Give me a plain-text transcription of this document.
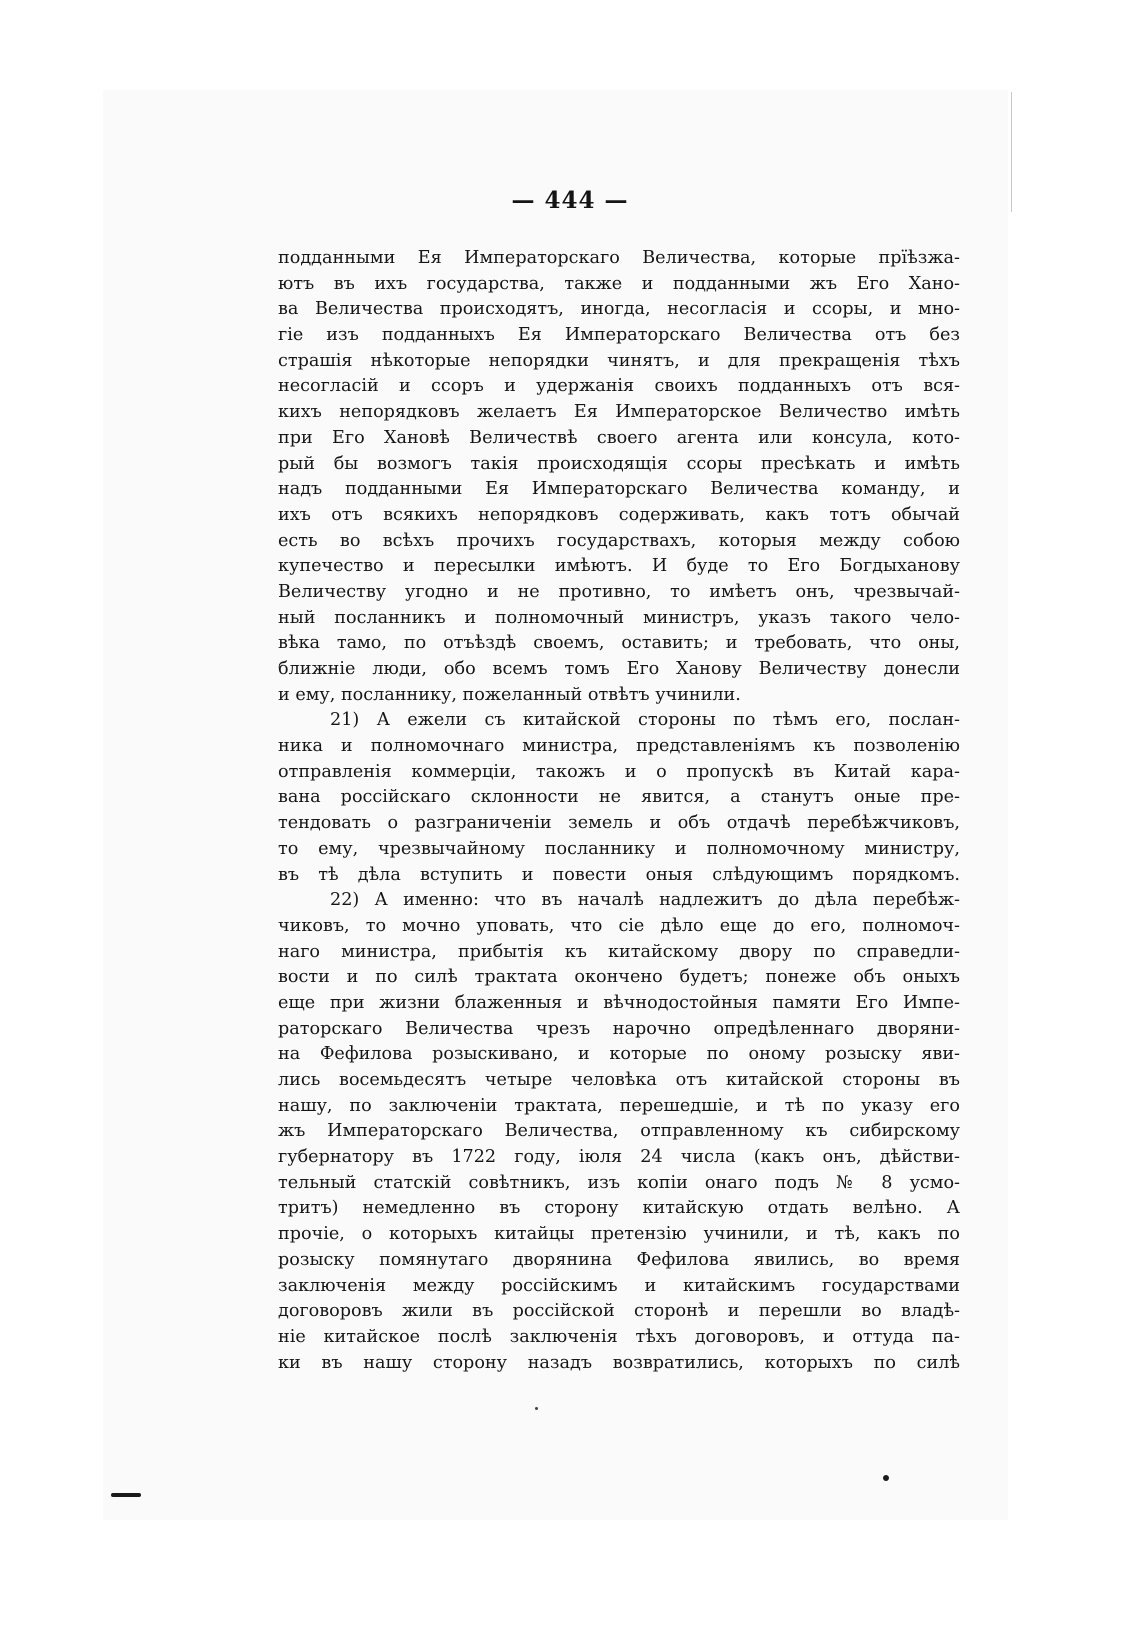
— 444 —
подданными Ея Императорскаго Величества, которые прїѣзжа-
ютъ въ ихъ государства, также и подданными жъ Его Хано-
ва Величества происходятъ, иногда, несогласія и ссоры, и мно-
гіе изъ подданныхъ Ея Императорскаго Величества отъ без
страшія нѣкоторые непорядки чинятъ, и для прекращенія тѣхъ
несогласій и ссоръ и удержанія своихъ подданныхъ отъ вся-
кихъ непорядковъ желаетъ Ея Императорское Величество имѣть
при Его Хановѣ Величествѣ своего агента или консула, кото-
рый бы возмогъ такія происходящія ссоры пресѣкать и имѣть
надъ подданными Ея Императорскаго Величества команду, и
ихъ отъ всякихъ непорядковъ содерживать, какъ тотъ обычай
есть во всѣхъ прочихъ государствахъ, которыя между собою
купечество и пересылки имѣютъ. И буде то Его Богдыханову
Величеству угодно и не противно, то имѣетъ онъ, чрезвычай-
ный посланникъ и полномочный министръ, указъ такого чело-
вѣка тамо, по отъѣздѣ своемъ, оставить; и требовать, что оны,
ближніе люди, обо всемъ томъ Его Ханову Величеству донесли
и ему, посланнику, пожеланный отвѣтъ учинили.
21) А ежели съ китайской стороны по тѣмъ его, послан-
ника и полномочнаго министра, представленіямъ къ позволенію
отправленія коммерціи, такожъ и о пропускѣ въ Китай кара-
вана россійскаго склонности не явится, а станутъ оные пре-
тендовать о разграниченіи земель и объ отдачѣ перебѣжчиковъ,
то ему, чрезвычайному посланнику и полномочному министру,
въ тѣ дѣла вступить и повести оныя слѣдующимъ порядкомъ.
22) А именно: что въ началѣ надлежитъ до дѣла перебѣж-
чиковъ, то мочно уповать, что сіе дѣло еще до его, полномоч-
наго министра, прибытія къ китайскому двору по справедли-
вости и по силѣ трактата окончено будетъ; понеже объ оныхъ
еще при жизни блаженныя и вѣчнодостойныя памяти Его Импе-
раторскаго Величества чрезъ нарочно опредѣленнаго дворяни-
на Фефилова розыскивано, и которые по оному розыску яви-
лись восемьдесятъ четыре человѣка отъ китайской стороны въ
нашу, по заключеніи трактата, перешедшіе, и тѣ по указу его
жъ Императорскаго Величества, отправленному къ сибирскому
губернатору въ 1722 году, іюля 24 числа (какъ онъ, дѣйстви-
тельный статскій совѣтникъ, изъ копіи онаго подъ № 8 усмо-
тритъ) немедленно въ сторону китайскую отдать велѣно. А
прочіе, о которыхъ китайцы претензію учинили, и тѣ, какъ по
розыску помянутаго дворянина Фефилова явились, во время
заключенія между россійскимъ и китайскимъ государствами
договоровъ жили въ россійской сторонѣ и перешли во владѣ-
ніе китайское послѣ заключенія тѣхъ договоровъ, и оттуда па-
ки въ нашу сторону назадъ возвратились, которыхъ по силѣ
